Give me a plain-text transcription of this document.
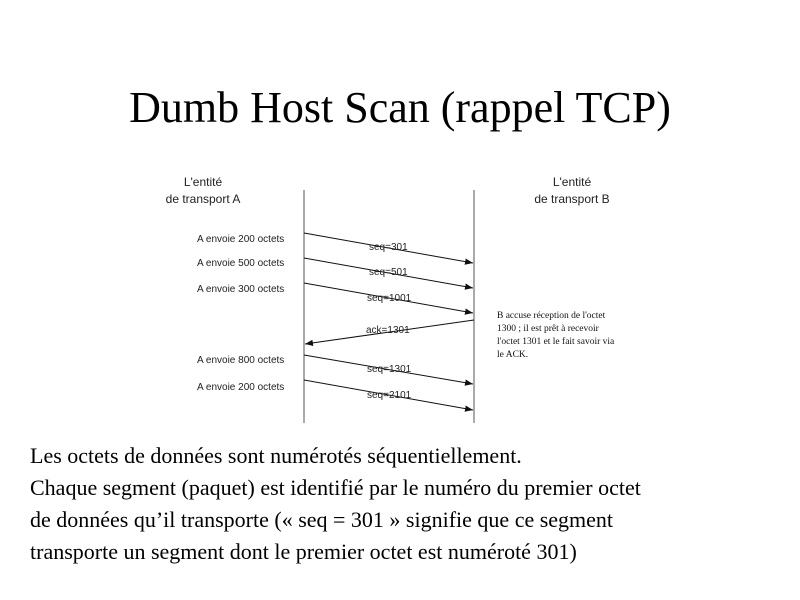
Dumb Host Scan (rappel TCP)
L'entité
de transport A
L'entité
de transport B
A envoie 200 octets
A envoie 500 octets
A envoie 300 octets
A envoie 800 octets
A envoie 200 octets
seq=301
seq=501
seq=1001
ack=1301
seq=1301
seq=2101
B accuse réception de l'octet
1300 ; il est prêt à recevoir
l'octet 1301 et le fait savoir via
le ACK.
Les octets de données sont numérotés séquentiellement.
Chaque segment (paquet) est identifié par le numéro du premier octet
de données qu’il transporte (« seq = 301 » signifie que ce segment
transporte un segment dont le premier octet est numéroté 301)
